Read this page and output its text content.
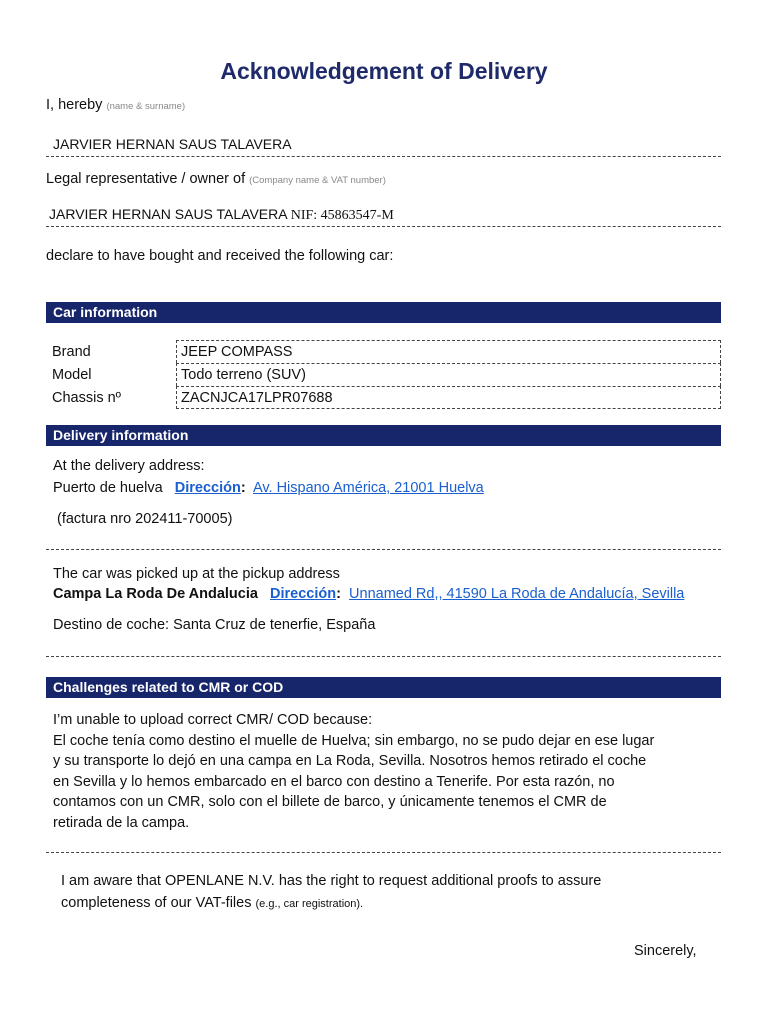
Acknowledgement of Delivery
I, hereby (name & surname)
JARVIER HERNAN SAUS TALAVERA
Legal representative / owner of (Company name & VAT number)
JARVIER HERNAN SAUS TALAVERA NIF: 45863547-M
declare to have bought and received the following car:
Car information
Brand	JEEP COMPASS
Model	Todo terreno (SUV)
Chassis nº	ZACNJCA17LPR07688
Delivery information
At the delivery address:
Puerto de huelva Dirección: Av. Hispano América, 21001 Huelva
(factura nro 202411-70005)
The car was picked up at the pickup address
Campa La Roda De Andalucia Dirección: Unnamed Rd,, 41590 La Roda de Andalucía, Sevilla
Destino de coche: Santa Cruz de tenerfie, España
Challenges related to CMR or COD
I’m unable to upload correct CMR/ COD because:
El coche tenía como destino el muelle de Huelva; sin embargo, no se pudo dejar en ese lugar
y su transporte lo dejó en una campa en La Roda, Sevilla. Nosotros hemos retirado el coche
en Sevilla y lo hemos embarcado en el barco con destino a Tenerife. Por esta razón, no
contamos con un CMR, solo con el billete de barco, y únicamente tenemos el CMR de
retirada de la campa.
I am aware that OPENLANE N.V. has the right to request additional proofs to assure
completeness of our VAT-files (e.g., car registration).
Sincerely,
